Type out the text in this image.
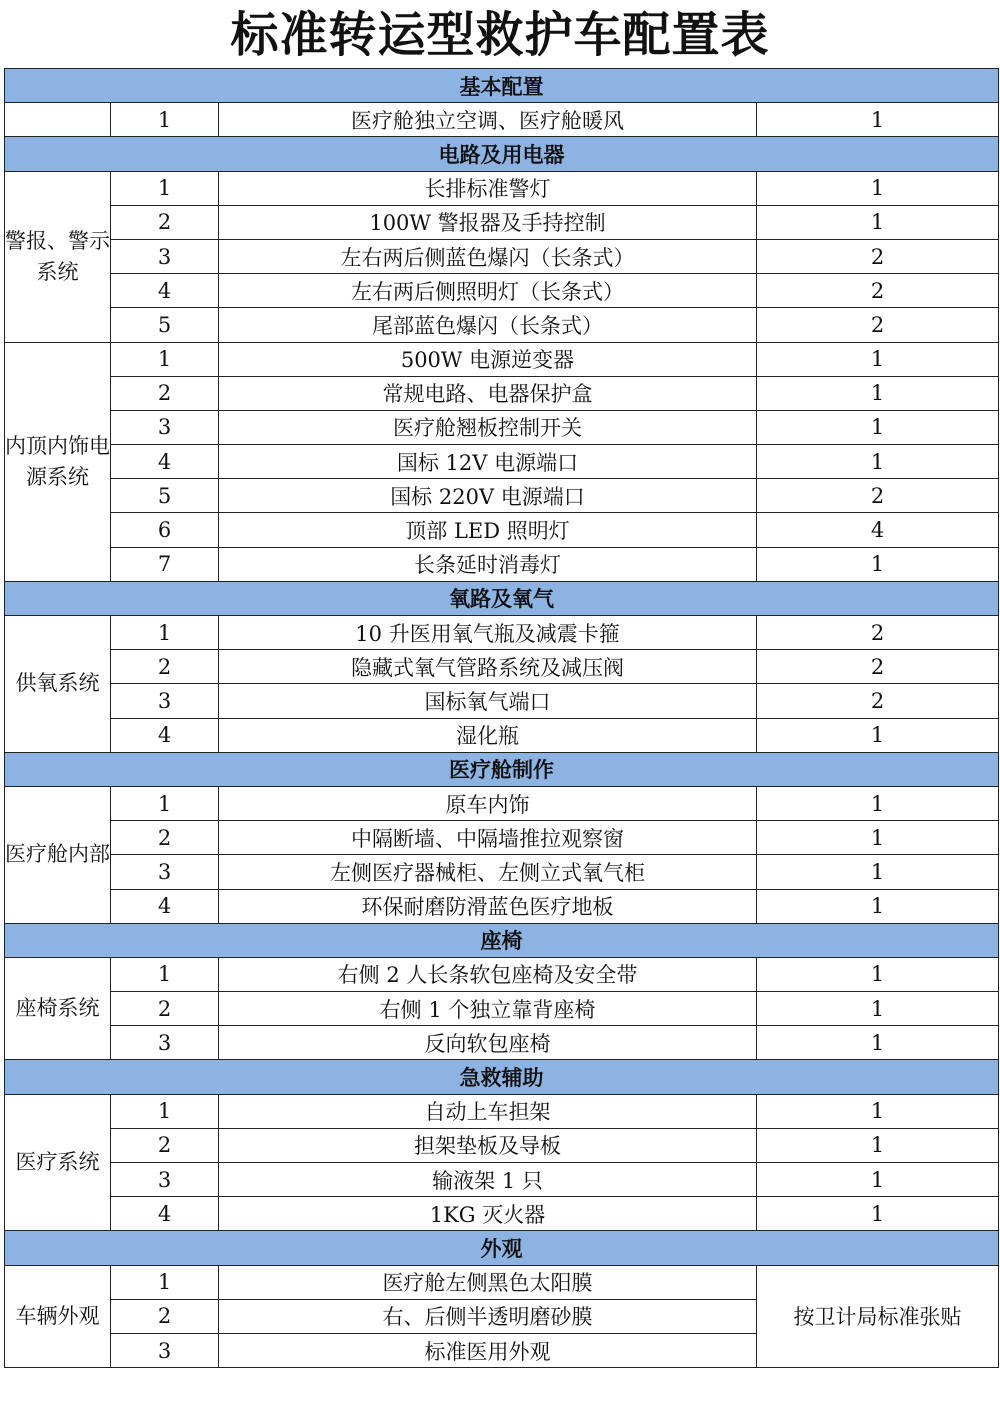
标准转运型救护车配置表
基本配置			
	1	医疗舱独立空调、医疗舱暖风	1
电路及用电器			
警报、警示系统	1	长排标准警灯	1
	2	100W 警报器及手持控制	1
	3	左右两后侧蓝色爆闪（长条式）	2
	4	左右两后侧照明灯（长条式）	2
	5	尾部蓝色爆闪（长条式）	2
内顶内饰电源系统	1	500W 电源逆变器	1
	2	常规电路、电器保护盒	1
	3	医疗舱翘板控制开关	1
	4	国标 12V 电源端口	1
	5	国标 220V 电源端口	2
	6	顶部 LED 照明灯	4
	7	长条延时消毒灯	1
氧路及氧气			
供氧系统	1	10 升医用氧气瓶及减震卡箍	2
	2	隐藏式氧气管路系统及减压阀	2
	3	国标氧气端口	2
	4	湿化瓶	1
医疗舱制作			
医疗舱内部	1	原车内饰	1
	2	中隔断墙、中隔墙推拉观察窗	1
	3	左侧医疗器械柜、左侧立式氧气柜	1
	4	环保耐磨防滑蓝色医疗地板	1
座椅			
座椅系统	1	右侧 2 人长条软包座椅及安全带	1
	2	右侧 1 个独立靠背座椅	1
	3	反向软包座椅	1
急救辅助			
医疗系统	1	自动上车担架	1
	2	担架垫板及导板	1
	3	输液架 1 只	1
	4	1KG 灭火器	1
外观			
车辆外观	1	医疗舱左侧黑色太阳膜	按卫计局标准张贴
	2	右、后侧半透明磨砂膜	
	3	标准医用外观	
